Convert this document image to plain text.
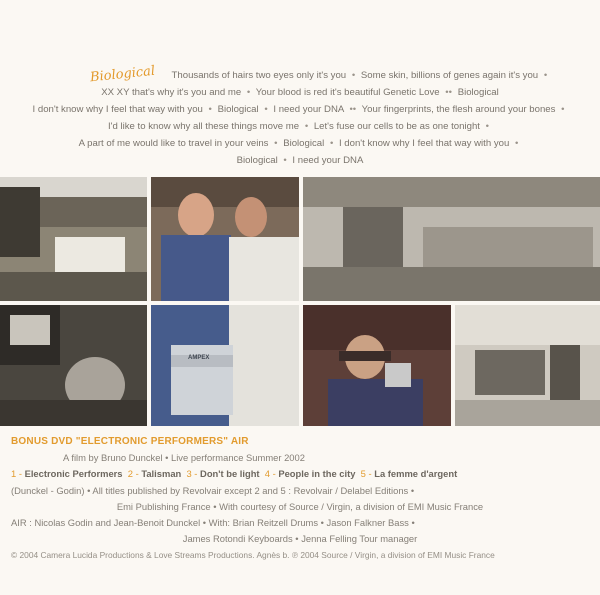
Biological Thousands of hairs two eyes only it's you • Some skin, billions of genes again it's you •
XX XY that's why it's you and me • Your blood is red it's beautiful Genetic Love •• Biological
I don't know why I feel that way with you • Biological • I need your DNA •• Your fingerprints, the flesh around your bones •
I'd like to know why all these things move me • Let's fuse our cells to be as one tonight •
A part of me would like to travel in your veins • Biological • I don't know why I feel that way with you •
Biological • I need your DNA
AMPEX
BONUS DVD "ELECTRONIC PERFORMERS" AIR
A film by Bruno Dunckel • Live performance Summer 2002
1 - Electronic Performers 2 - Talisman 3 - Don't be light 4 - People in the city 5 - La femme d'argent
(Dunckel - Godin) • All titles published by Revolvair except 2 and 5 : Revolvair / Delabel Editions •
Emi Publishing France • With courtesy of Source / Virgin, a division of EMI Music France
AIR : Nicolas Godin and Jean-Benoit Dunckel • With: Brian Reitzell Drums • Jason Falkner Bass •
James Rotondi Keyboards • Jenna Felling Tour manager
© 2004 Camera Lucida Productions & Love Streams Productions. Agnès b. ℗ 2004 Source / Virgin, a division of EMI Music France
